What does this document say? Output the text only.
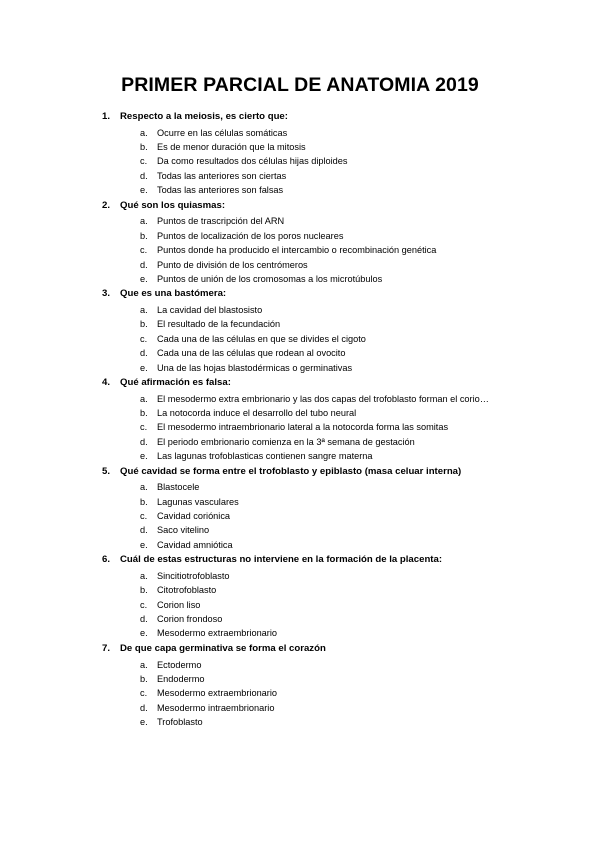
PRIMER PARCIAL DE ANATOMIA 2019
1.	Respecto a la meiosis, es cierto que:
a.	Ocurre en las células somáticas
b.	Es de menor duración que la mitosis
c.	Da como resultados dos células hijas diploides
d.	Todas las anteriores son ciertas
e.	Todas las anteriores son falsas
2.	Qué son los quiasmas:
a.	Puntos de trascripción del ARN
b.	Puntos de localización de los poros nucleares
c.	Puntos donde ha producido el intercambio o recombinación genética
d.	Punto de división de los centrómeros
e.	Puntos de unión de los cromosomas a los microtúbulos
3.	Que es una bastómera:
a.	La cavidad del blastosisto
b.	El resultado de la fecundación
c.	Cada una de las células en que se divides el cigoto
d.	Cada una de las células que rodean al ovocito
e.	Una de las hojas blastodérmicas o germinativas
4.	Qué afirmación es falsa:
a.	El mesodermo extra embrionario y las dos capas del trofoblasto forman el corio…
b.	La notocorda induce el desarrollo del tubo neural
c.	El mesodermo intraembrionario lateral a la notocorda forma las somitas
d.	El periodo embrionario comienza en la 3ª semana de gestación
e.	Las lagunas trofoblasticas contienen sangre materna
5.	Qué cavidad se forma entre el trofoblasto y epiblasto (masa celuar interna)
a.	Blastocele
b.	Lagunas vasculares
c.	Cavidad coriónica
d.	Saco vitelino
e.	Cavidad amniótica
6.	Cuál de estas estructuras no interviene en la formación de la placenta:
a.	Sincitiotrofoblasto
b.	Citotrofoblasto
c.	Corion liso
d.	Corion frondoso
e.	Mesodermo extraembrionario
7.	De que capa germinativa se forma el corazón
a.	Ectodermo
b.	Endodermo
c.	Mesodermo extraembrionario
d.	Mesodermo intraembrionario
e.	Trofoblasto
